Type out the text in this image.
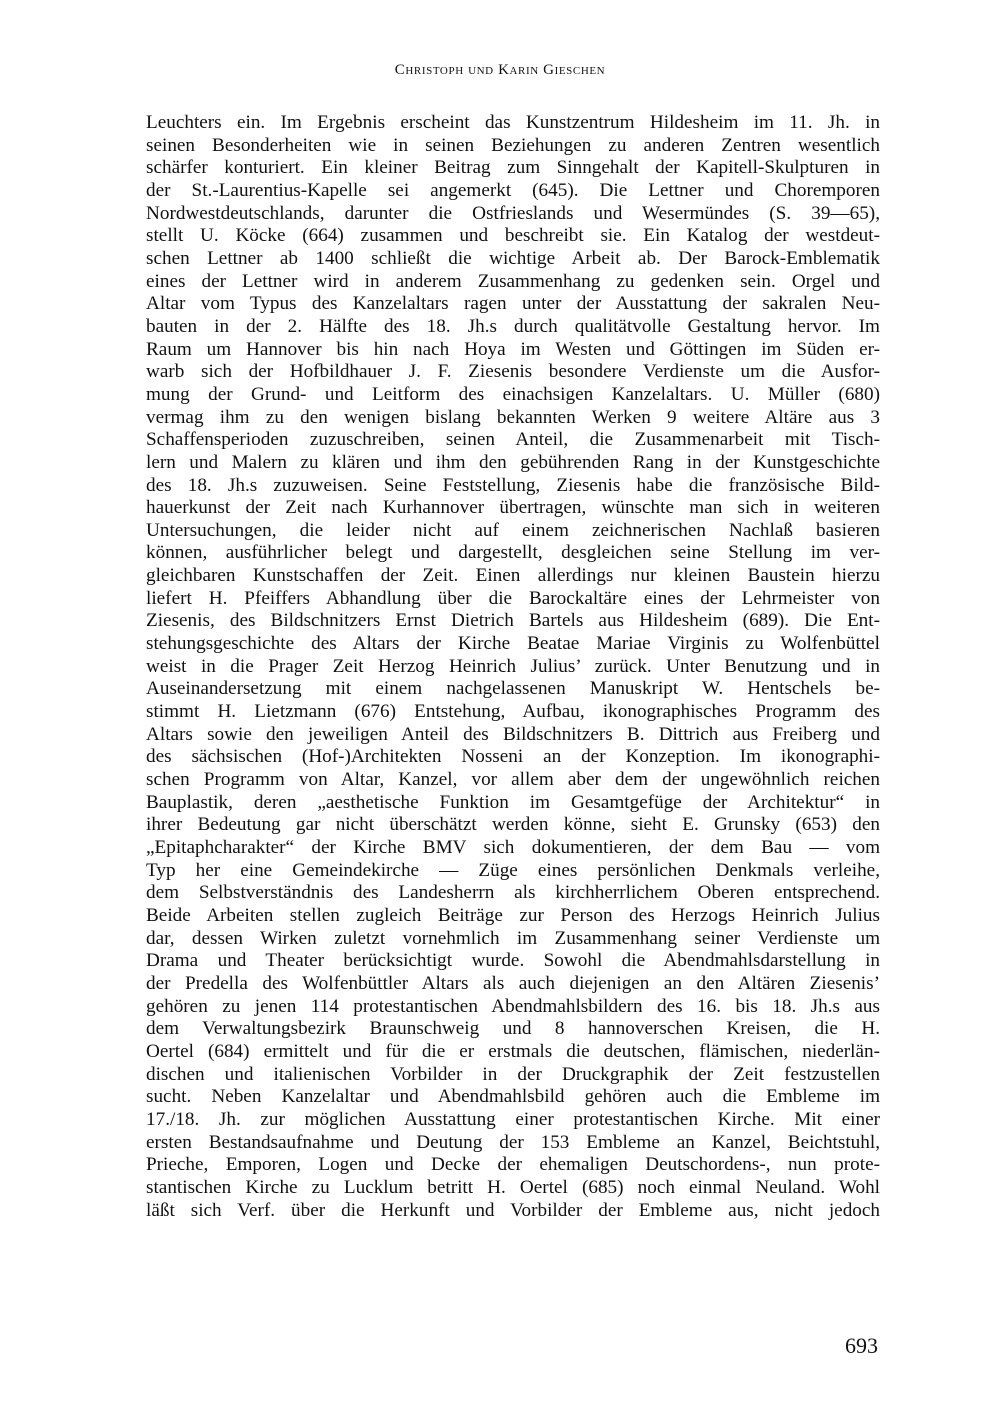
Christoph und Karin Gieschen
Leuchters ein. Im Ergebnis erscheint das Kunstzentrum Hildesheim im 11. Jh. in
seinen Besonderheiten wie in seinen Beziehungen zu anderen Zentren wesentlich
schärfer konturiert. Ein kleiner Beitrag zum Sinngehalt der Kapitell-Skulpturen in
der St.-Laurentius-Kapelle sei angemerkt (645). Die Lettner und Choremporen
Nordwestdeutschlands, darunter die Ostfrieslands und Wesermündes (S. 39—65),
stellt U. Köcke (664) zusammen und beschreibt sie. Ein Katalog der westdeut-
schen Lettner ab 1400 schließt die wichtige Arbeit ab. Der Barock-Emblematik
eines der Lettner wird in anderem Zusammenhang zu gedenken sein. Orgel und
Altar vom Typus des Kanzelaltars ragen unter der Ausstattung der sakralen Neu-
bauten in der 2. Hälfte des 18. Jh.s durch qualitätvolle Gestaltung hervor. Im
Raum um Hannover bis hin nach Hoya im Westen und Göttingen im Süden er-
warb sich der Hofbildhauer J. F. Ziesenis besondere Verdienste um die Ausfor-
mung der Grund- und Leitform des einachsigen Kanzelaltars. U. Müller (680)
vermag ihm zu den wenigen bislang bekannten Werken 9 weitere Altäre aus 3
Schaffensperioden zuzuschreiben, seinen Anteil, die Zusammenarbeit mit Tisch-
lern und Malern zu klären und ihm den gebührenden Rang in der Kunstgeschichte
des 18. Jh.s zuzuweisen. Seine Feststellung, Ziesenis habe die französische Bild-
hauerkunst der Zeit nach Kurhannover übertragen, wünschte man sich in weiteren
Untersuchungen, die leider nicht auf einem zeichnerischen Nachlaß basieren
können, ausführlicher belegt und dargestellt, desgleichen seine Stellung im ver-
gleichbaren Kunstschaffen der Zeit. Einen allerdings nur kleinen Baustein hierzu
liefert H. Pfeiffers Abhandlung über die Barockaltäre eines der Lehrmeister von
Ziesenis, des Bildschnitzers Ernst Dietrich Bartels aus Hildesheim (689). Die Ent-
stehungsgeschichte des Altars der Kirche Beatae Mariae Virginis zu Wolfenbüttel
weist in die Prager Zeit Herzog Heinrich Julius’ zurück. Unter Benutzung und in
Auseinandersetzung mit einem nachgelassenen Manuskript W. Hentschels be-
stimmt H. Lietzmann (676) Entstehung, Aufbau, ikonographisches Programm des
Altars sowie den jeweiligen Anteil des Bildschnitzers B. Dittrich aus Freiberg und
des sächsischen (Hof-)Architekten Nosseni an der Konzeption. Im ikonographi-
schen Programm von Altar, Kanzel, vor allem aber dem der ungewöhnlich reichen
Bauplastik, deren „aesthetische Funktion im Gesamtgefüge der Architektur“ in
ihrer Bedeutung gar nicht überschätzt werden könne, sieht E. Grunsky (653) den
„Epitaphcharakter“ der Kirche BMV sich dokumentieren, der dem Bau — vom
Typ her eine Gemeindekirche — Züge eines persönlichen Denkmals verleihe,
dem Selbstverständnis des Landesherrn als kirchherrlichem Oberen entsprechend.
Beide Arbeiten stellen zugleich Beiträge zur Person des Herzogs Heinrich Julius
dar, dessen Wirken zuletzt vornehmlich im Zusammenhang seiner Verdienste um
Drama und Theater berücksichtigt wurde. Sowohl die Abendmahlsdarstellung in
der Predella des Wolfenbüttler Altars als auch diejenigen an den Altären Ziesenis’
gehören zu jenen 114 protestantischen Abendmahlsbildern des 16. bis 18. Jh.s aus
dem Verwaltungsbezirk Braunschweig und 8 hannoverschen Kreisen, die H.
Oertel (684) ermittelt und für die er erstmals die deutschen, flämischen, niederlän-
dischen und italienischen Vorbilder in der Druckgraphik der Zeit festzustellen
sucht. Neben Kanzelaltar und Abendmahlsbild gehören auch die Embleme im
17./18. Jh. zur möglichen Ausstattung einer protestantischen Kirche. Mit einer
ersten Bestandsaufnahme und Deutung der 153 Embleme an Kanzel, Beichtstuhl,
Prieche, Emporen, Logen und Decke der ehemaligen Deutschordens-, nun prote-
stantischen Kirche zu Lucklum betritt H. Oertel (685) noch einmal Neuland. Wohl
läßt sich Verf. über die Herkunft und Vorbilder der Embleme aus, nicht jedoch
693
